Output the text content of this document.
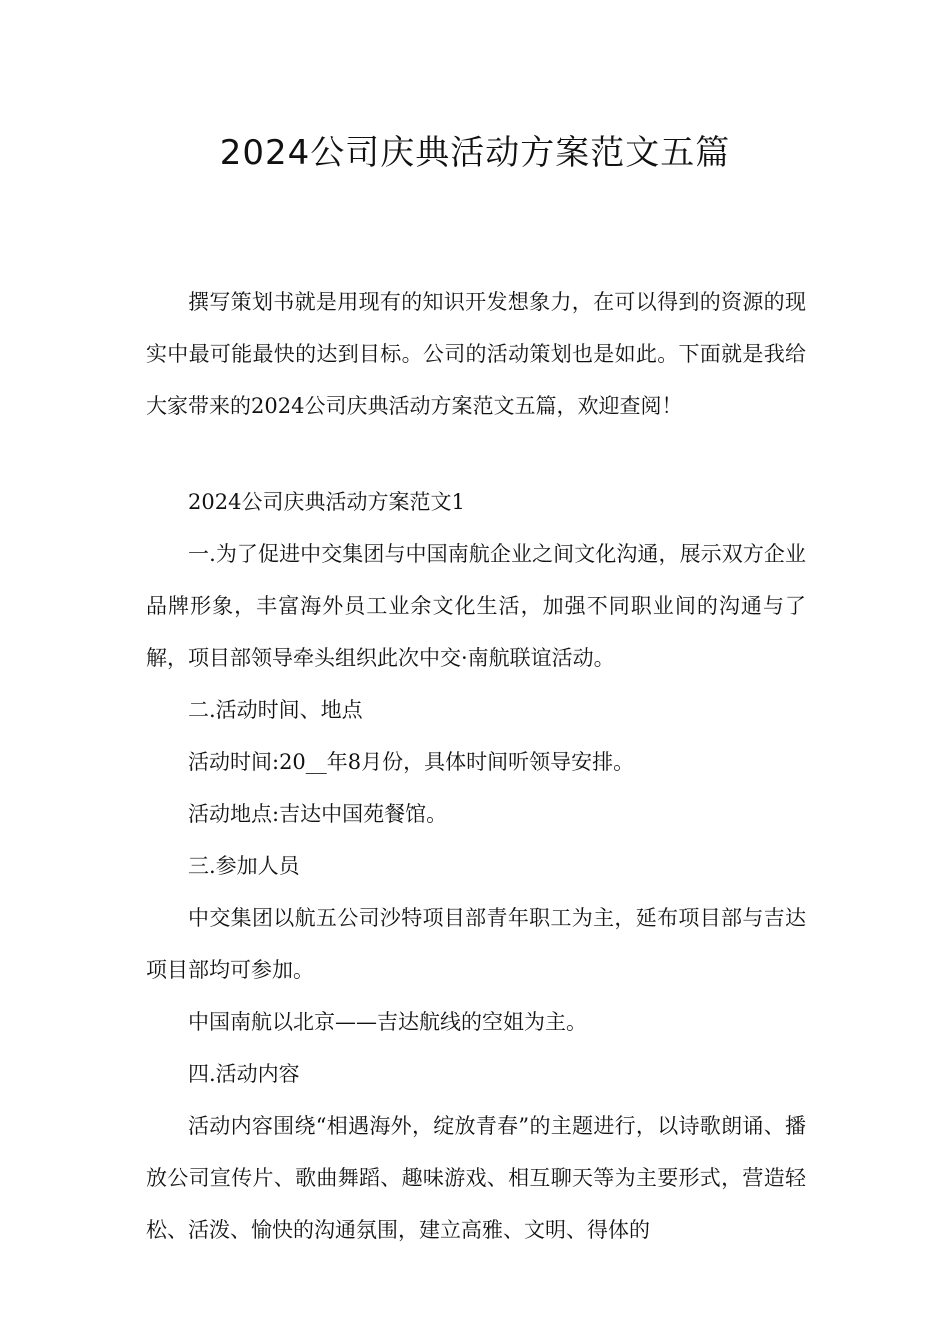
2024公司庆典活动方案范文五篇

撰写策划书就是用现有的知识开发想象力，在可以得到的资源的现实中最可能最快的达到目标。公司的活动策划也是如此。下面就是我给大家带来的2024公司庆典活动方案范文五篇，欢迎查阅！

2024公司庆典活动方案范文1

一.为了促进中交集团与中国南航企业之间文化沟通，展示双方企业品牌形象，丰富海外员工业余文化生活，加强不同职业间的沟通与了解，项目部领导牵头组织此次中交·南航联谊活动。

二.活动时间、地点

活动时间:20__年8月份，具体时间听领导安排。

活动地点:吉达中国苑餐馆。

三.参加人员

中交集团以航五公司沙特项目部青年职工为主，延布项目部与吉达项目部均可参加。

中国南航以北京——吉达航线的空姐为主。

四.活动内容

活动内容围绕“相遇海外，绽放青春”的主题进行，以诗歌朗诵、播放公司宣传片、歌曲舞蹈、趣味游戏、相互聊天等为主要形式，营造轻松、活泼、愉快的沟通氛围，建立高雅、文明、得体的
